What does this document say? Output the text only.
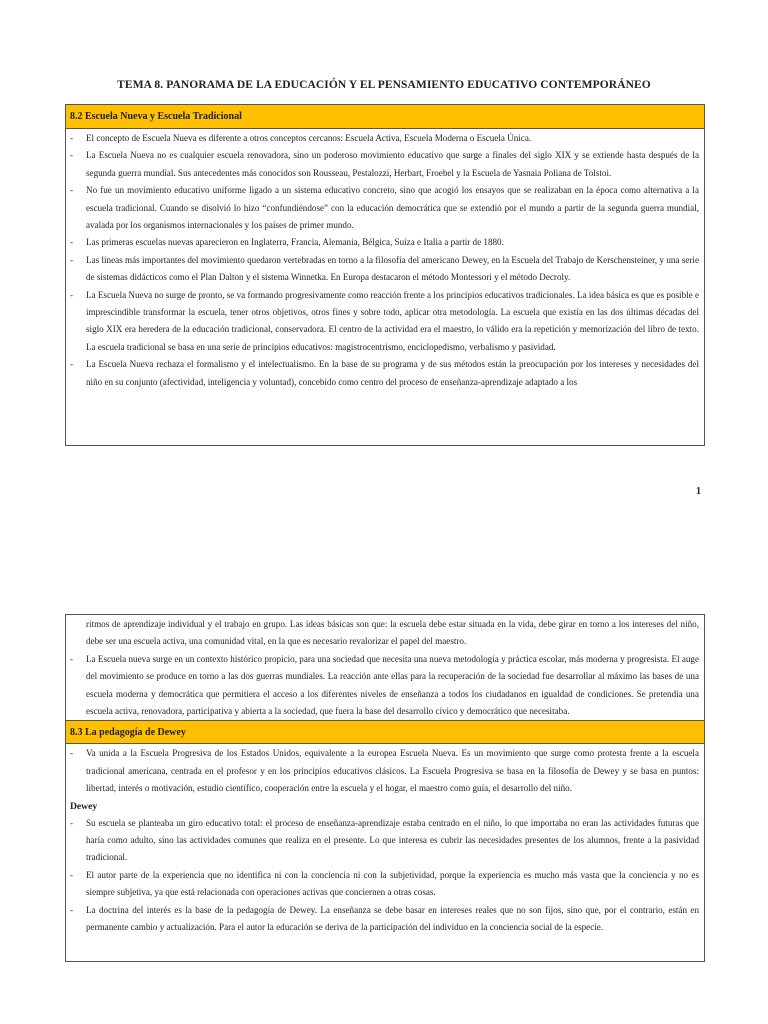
TEMA 8. PANORAMA DE LA EDUCACIÓN Y EL PENSAMIENTO EDUCATIVO CONTEMPORÁNEO
8.2 Escuela Nueva y Escuela Tradicional
-	El concepto de Escuela Nueva es diferente a otros conceptos cercanos: Escuela Activa, Escuela Moderna o Escuela Única.
-	La Escuela Nueva no es cualquier escuela renovadora, sino un poderoso movimiento educativo que surge a finales del siglo XIX y se extiende hasta después de la segunda guerra mundial. Sus antecedentes más conocidos son Rousseau, Pestalozzi, Herbart, Froebel y la Escuela de Yasnaia Poliana de Tolstoi.
-	No fue un movimiento educativo uniforme ligado a un sistema educativo concreto, sino que acogió los ensayos que se realizaban en la época como alternativa a la escuela tradicional. Cuando se disolvió lo hizo “confundiéndose” con la educación democrática que se extendió por el mundo a partir de la segunda guerra mundial, avalada por los organismos internacionales y los países de primer mundo.
-	Las primeras escuelas nuevas aparecieron en Inglaterra, Francia, Alemania, Bélgica, Suiza e Italia a partir de 1880.
-	Las líneas más importantes del movimiento quedaron vertebradas en torno a la filosofía del americano Dewey, en la Escuela del Trabajo de Kerschensteiner, y una serie de sistemas didácticos como el Plan Dalton y el sistema Winnetka. En Europa destacaron el método Montessori y el método Decroly.
-	La Escuela Nueva no surge de pronto, se va formando progresivamente como reacción frente a los principios educativos tradicionales. La idea básica es que es posible e imprescindible transformar la escuela, tener otros objetivos, otros fines y sobre todo, aplicar otra metodología. La escuela que existía en las dos últimas décadas del siglo XIX era heredera de la educación tradicional, conservadora. El centro de la actividad era el maestro, lo válido era la repetición y memorización del libro de texto. La escuela tradicional se basa en una serie de principios educativos: magistrocentrismo, enciclopedismo, verbalismo y pasividad.
-	La Escuela Nueva rechaza el formalismo y el intelectualismo. En la base de su programa y de sus métodos están la preocupación por los intereses y necesidades del niño en su conjunto (afectividad, inteligencia y voluntad), concebido como centro del proceso de enseñanza-aprendizaje adaptado a los
1
ritmos de aprendizaje individual y el trabajo en grupo. Las ideas básicas son que: la escuela debe estar situada en la vida, debe girar en torno a los intereses del niño, debe ser una escuela activa, una comunidad vital, en la que es necesario revalorizar el papel del maestro.
-	La Escuela nueva surge en un contexto histórico propicio, para una sociedad que necesita una nueva metodología y práctica escolar, más moderna y progresista. El auge del movimiento se produce en torno a las dos guerras mundiales. La reacción ante ellas para la recuperación de la sociedad fue desarrollar al máximo las bases de una escuela moderna y democrática que permitiera el acceso a los diferentes niveles de enseñanza a todos los ciudadanos en igualdad de condiciones. Se pretendía una escuela activa, renovadora, participativa y abierta a la sociedad, que fuera la base del desarrollo cívico y democrático que necesitaba.
8.3 La pedagogía de Dewey
-	Va unida a la Escuela Progresiva de los Estados Unidos, equivalente a la europea Escuela Nueva. Es un movimiento que surge como protesta frente a la escuela tradicional americana, centrada en el profesor y en los principios educativos clásicos. La Escuela Progresiva se basa en la filosofía de Dewey y se basa en puntos: libertad, interés o motivación, estudio científico, cooperación entre la escuela y el hogar, el maestro como guía, el desarrollo del niño.
Dewey
-	Su escuela se planteaba un giro educativo total: el proceso de enseñanza-aprendizaje estaba centrado en el niño, lo que importaba no eran las actividades futuras que haría como adulto, sino las actividades comunes que realiza en el presente. Lo que interesa es cubrir las necesidades presentes de los alumnos, frente a la pasividad tradicional.
-	El autor parte de la experiencia que no identifica ni con la conciencia ni con la subjetividad, porque la experiencia es mucho más vasta que la conciencia y no es siempre subjetiva, ya que está relacionada con operaciones activas que conciernen a otras cosas.
-	La doctrina del interés es la base de la pedagogía de Dewey. La enseñanza se debe basar en intereses reales que no son fijos, sino que, por el contrario, están en permanente cambio y actualización. Para el autor la educación se deriva de la participación del individuo en la conciencia social de la especie.
